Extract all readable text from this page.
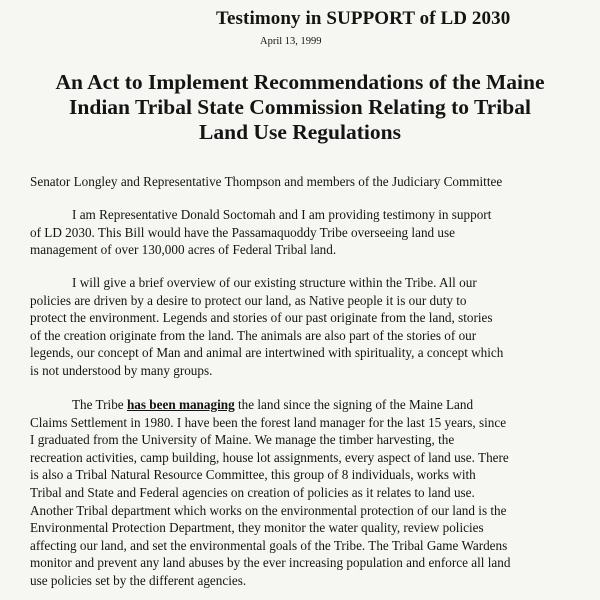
Testimony in SUPPORT of LD 2030
April 13, 1999
An Act to Implement Recommendations of the Maine
Indian Tribal State Commission Relating to Tribal
Land Use Regulations
Senator Longley and Representative Thompson and members of the Judiciary Committee
I am Representative Donald Soctomah and I am providing testimony in support
of LD 2030. This Bill would have the Passamaquoddy Tribe overseeing land use
management of over 130,000 acres of Federal Tribal land.
I will give a brief overview of our existing structure within the Tribe. All our
policies are driven by a desire to protect our land, as Native people it is our duty to
protect the environment. Legends and stories of our past originate from the land, stories
of the creation originate from the land. The animals are also part of the stories of our
legends, our concept of Man and animal are intertwined with spirituality, a concept which
is not understood by many groups.
The Tribe has been managing the land since the signing of the Maine Land
Claims Settlement in 1980. I have been the forest land manager for the last 15 years, since
I graduated from the University of Maine. We manage the timber harvesting, the
recreation activities, camp building, house lot assignments, every aspect of land use. There
is also a Tribal Natural Resource Committee, this group of 8 individuals, works with
Tribal and State and Federal agencies on creation of policies as it relates to land use.
Another Tribal department which works on the environmental protection of our land is the
Environmental Protection Department, they monitor the water quality, review policies
affecting our land, and set the environmental goals of the Tribe. The Tribal Game Wardens
monitor and prevent any land abuses by the ever increasing population and enforce all land
use policies set by the different agencies.
